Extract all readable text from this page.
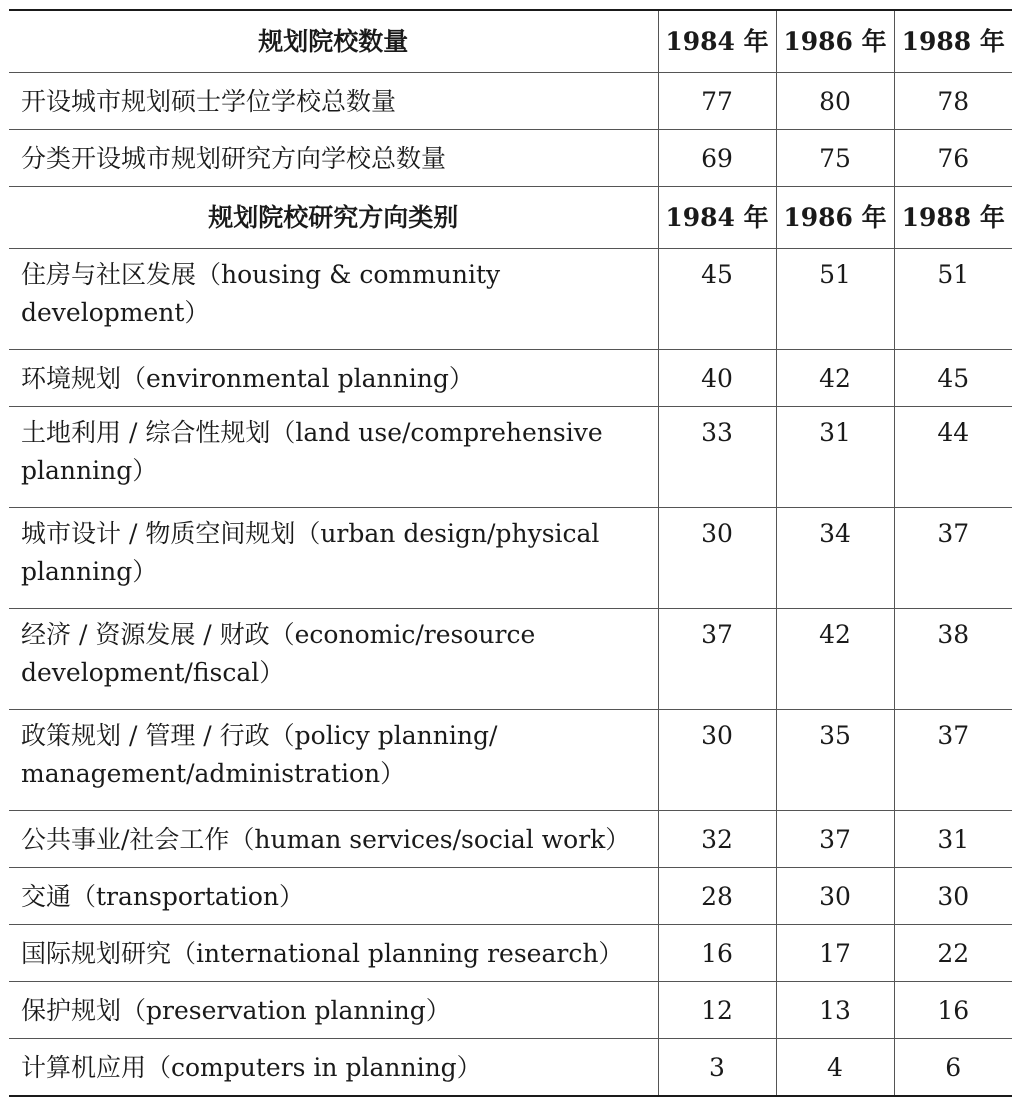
规划院校数量	1984 年	1986 年	1988 年
开设城市规划硕士学位学校总数量	77	80	78
分类开设城市规划研究方向学校总数量	69	75	76
规划院校研究方向类别	1984 年	1986 年	1988 年
住房与社区发展（housing & community development）	45	51	51
环境规划（environmental planning）	40	42	45
土地利用 / 综合性规划（land use/comprehensive planning）	33	31	44
城市设计 / 物质空间规划（urban design/physical planning）	30	34	37
经济 / 资源发展 / 财政（economic/resource development/fiscal）	37	42	38
政策规划 / 管理 / 行政（policy planning/ management/administration）	30	35	37
公共事业/社会工作（human services/social work）	32	37	31
交通（transportation）	28	30	30
国际规划研究（international planning research）	16	17	22
保护规划（preservation planning）	12	13	16
计算机应用（computers in planning）	3	4	6
